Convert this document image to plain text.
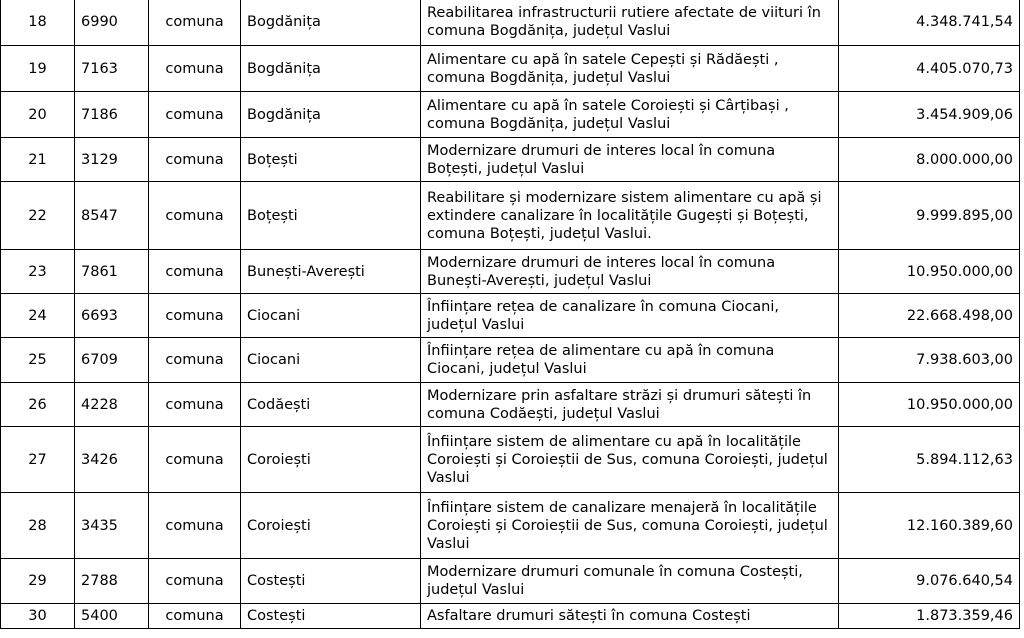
18	6990	comuna	Bogdănița	Reabilitarea infrastructurii rutiere afectate de viituri în comuna Bogdănița, județul Vaslui	4.348.741,54
19	7163	comuna	Bogdănița	Alimentare cu apă în satele Cepești și Rădăești , comuna Bogdănița, județul Vaslui	4.405.070,73
20	7186	comuna	Bogdănița	Alimentare cu apă în satele Coroiești și Cârțibași , comuna Bogdănița, județul Vaslui	3.454.909,06
21	3129	comuna	Boțești	Modernizare drumuri de interes local în comuna Boțești, județul Vaslui	8.000.000,00
22	8547	comuna	Boțești	Reabilitare și modernizare sistem alimentare cu apă și extindere canalizare în localitățile Gugești și Boțești, comuna Boțești, județul Vaslui.	9.999.895,00
23	7861	comuna	Bunești-Averești	Modernizare drumuri de interes local în comuna Bunești-Averești, județul Vaslui	10.950.000,00
24	6693	comuna	Ciocani	Înființare rețea de canalizare în comuna Ciocani, județul Vaslui	22.668.498,00
25	6709	comuna	Ciocani	Înființare rețea de alimentare cu apă în comuna Ciocani, județul Vaslui	7.938.603,00
26	4228	comuna	Codăești	Modernizare prin asfaltare străzi și drumuri sătești în comuna Codăești, județul Vaslui	10.950.000,00
27	3426	comuna	Coroiești	Înființare sistem de alimentare cu apă în localitățile Coroiești și Coroieștii de Sus, comuna Coroiești, județul Vaslui	5.894.112,63
28	3435	comuna	Coroiești	Înființare sistem de canalizare menajeră în localitățile Coroiești și Coroieștii de Sus, comuna Coroiești, județul Vaslui	12.160.389,60
29	2788	comuna	Costești	Modernizare drumuri comunale în comuna Costești, județul Vaslui	9.076.640,54
30	5400	comuna	Costești	Asfaltare drumuri sătești în comuna Costești	1.873.359,46
